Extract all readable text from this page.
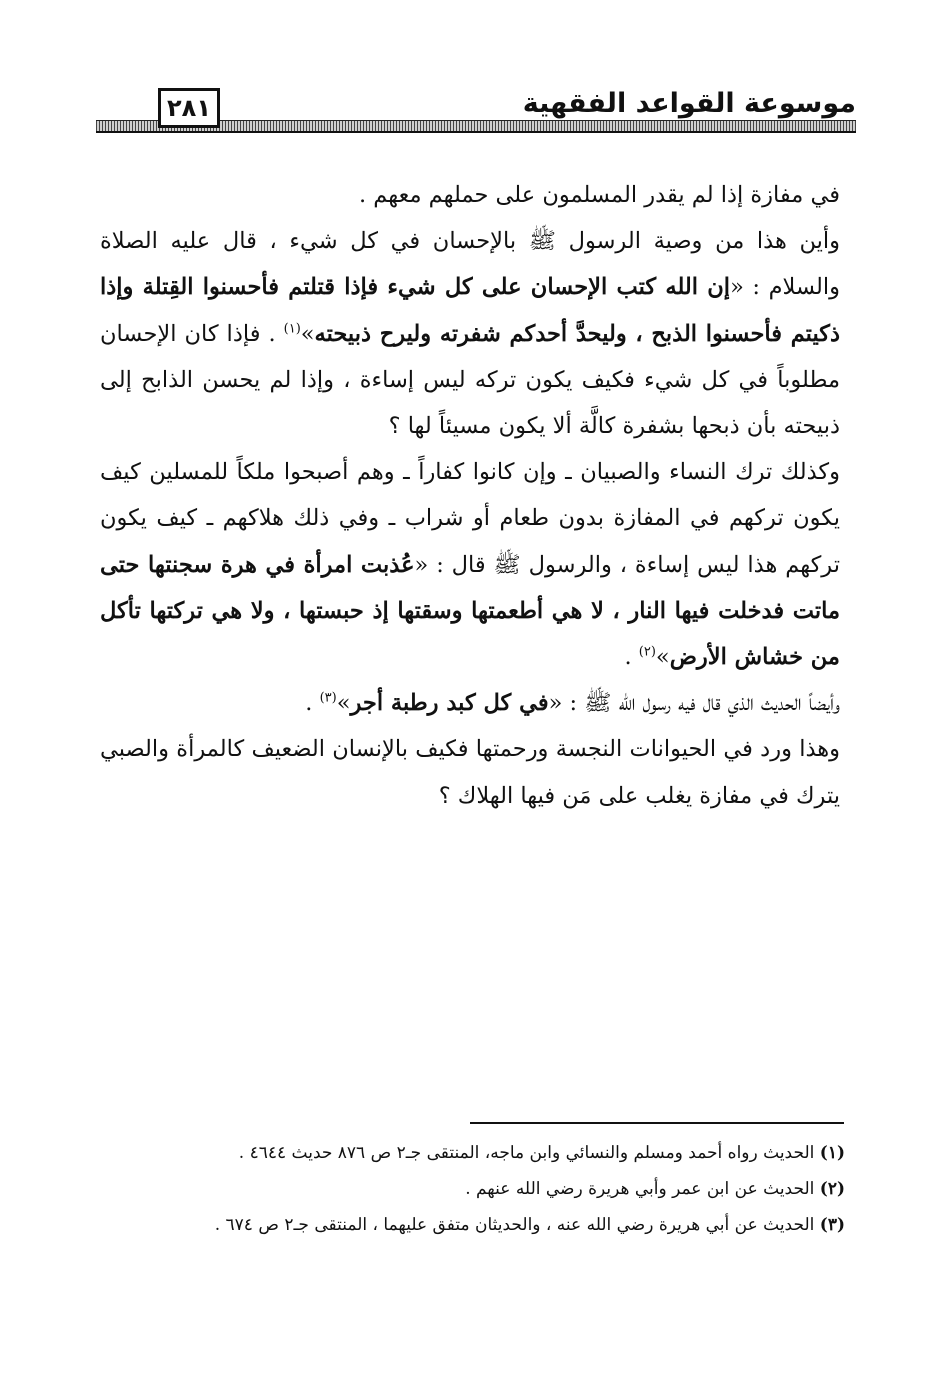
موسوعة القواعد الفقهية
٢٨١

في مفازة إذا لم يقدر المسلمون على حملهم معهم .

وأين هذا من وصية الرسول ﷺ بالإحسان في كل شيء ، قال عليه الصلاة والسلام : «إن الله كتب الإحسان على كل شيء فإذا قتلتم فأحسنوا القِتلة وإذا ذكيتم فأحسنوا الذبح ، وليحدَّ أحدكم شفرته وليرح ذبيحته»$^{(١)}$ . فإذا كان الإحسان مطلوباً في كل شيء فكيف يكون تركه ليس إساءة ، وإذا لم يحسن الذابح إلى ذبيحته بأن ذبحها بشفرة كالَّة ألا يكون مسيئاً لها ؟

وكذلك ترك النساء والصبيان ـ وإن كانوا كفاراً ـ وهم أصبحوا ملكاً للمسلين كيف يكون تركهم في المفازة بدون طعام أو شراب ـ وفي ذلك هلاكهم ـ كيف يكون تركهم هذا ليس إساءة ، والرسول ﷺ قال : «عُذبت امرأة في هرة سجنتها حتى ماتت فدخلت فيها النار ، لا هي أطعمتها وسقتها إذ حبستها ، ولا هي تركتها تأكل من خشاش الأرض»$^{(٢)}$ .

وأيضاً الحديث الذي قال فيه رسول الله ﷺ : «في كل كبد رطبة أجر»$^{(٣)}$ .

وهذا ورد في الحيوانات النجسة ورحمتها فكيف بالإنسان الضعيف كالمرأة والصبي يترك في مفازة يغلب على مَن فيها الهلاك ؟

(١) الحديث رواه أحمد ومسلم والنسائي وابن ماجه، المنتقى جـ٢ ص ٨٧٦ حديث ٤٦٤٤ .

(٢) الحديث عن ابن عمر وأبي هريرة رضي الله عنهم .

(٣) الحديث عن أبي هريرة رضي الله عنه ، والحديثان متفق عليهما ، المنتقى جـ٢ ص ٦٧٤ .
